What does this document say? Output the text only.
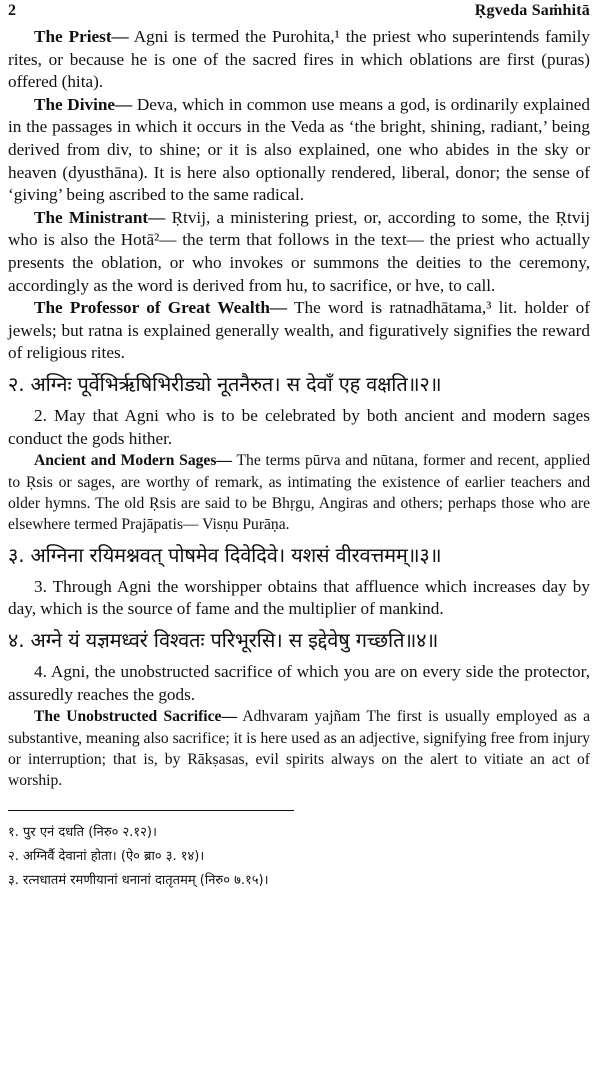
2	Ṛgveda Saṁhitā

The Priest— Agni is termed the Purohita,¹ the priest who superintends family rites, or because he is one of the sacred fires in which oblations are first (puras) offered (hita).

The Divine— Deva, which in common use means a god, is ordinarily explained in the passages in which it occurs in the Veda as ‘the bright, shining, radiant,’ being derived from div, to shine; or it is also explained, one who abides in the sky or heaven (dyusthāna). It is here also optionally rendered, liberal, donor; the sense of ‘giving’ being ascribed to the same radical.

The Ministrant— Ṛtvij, a ministering priest, or, according to some, the Ṛtvij who is also the Hotā²— the term that follows in the text— the priest who actually presents the oblation, or who invokes or summons the deities to the ceremony, accordingly as the word is derived from hu, to sacrifice, or hve, to call.

The Professor of Great Wealth— The word is ratnadhātama,³ lit. holder of jewels; but ratna is explained generally wealth, and figuratively signifies the reward of religious rites.

२. अग्निः पूर्वेभिर्ऋषिभिरीड्यो नूतनैरुत। स देवाँ एह वक्षति॥२॥

2. May that Agni who is to be celebrated by both ancient and modern sages conduct the gods hither.

Ancient and Modern Sages— The terms pūrva and nūtana, former and recent, applied to Ṛsis or sages, are worthy of remark, as intimating the existence of earlier teachers and older hymns. The old Ṛsis are said to be Bhṛgu, Angiras and others; perhaps those who are elsewhere termed Prajāpatis— Visṇu Purāṇa.

३. अग्निना रयिमश्नवत् पोषमेव दिवेदिवे। यशसं वीरवत्तमम्॥३॥

3. Through Agni the worshipper obtains that affluence which increases day by day, which is the source of fame and the multiplier of mankind.

४. अग्ने यं यज्ञमध्वरं विश्वतः परिभूरसि। स इद्देवेषु गच्छति॥४॥

4. Agni, the unobstructed sacrifice of which you are on every side the protector, assuredly reaches the gods.

The Unobstructed Sacrifice— Adhvaram yajñam The first is usually employed as a substantive, meaning also sacrifice; it is here used as an adjective, signifying free from injury or interruption; that is, by Rākṣasas, evil spirits always on the alert to vitiate an act of worship.

१. पुर एनं दधति (निरु० २.१२)।
२. अग्निर्वै देवानां होता। (ऐ० ब्रा० ३. १४)।
३. रत्नधातमं रमणीयानां धनानां दातृतमम् (निरु० ७.१५)।
